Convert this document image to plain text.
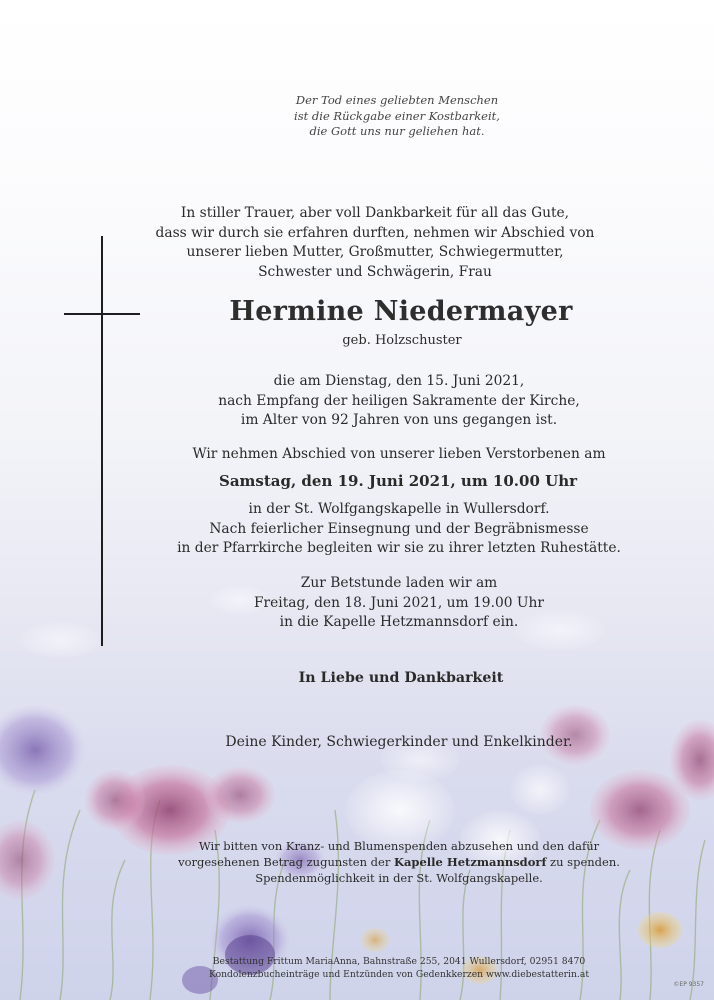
Der Tod eines geliebten Menschen
ist die Rückgabe einer Kostbarkeit,
die Gott uns nur geliehen hat.

In stiller Trauer, aber voll Dankbarkeit für all das Gute,
dass wir durch sie erfahren durften, nehmen wir Abschied von
unserer lieben Mutter, Großmutter, Schwiegermutter,
Schwester und Schwägerin, Frau

Hermine Niedermayer

geb. Holzschuster

die am Dienstag, den 15. Juni 2021,
nach Empfang der heiligen Sakramente der Kirche,
im Alter von 92 Jahren von uns gegangen ist.

Wir nehmen Abschied von unserer lieben Verstorbenen am

Samstag, den 19. Juni 2021, um 10.00 Uhr

in der St. Wolfgangskapelle in Wullersdorf.
Nach feierlicher Einsegnung und der Begräbnismesse
in der Pfarrkirche begleiten wir sie zu ihrer letzten Ruhestätte.

Zur Betstunde laden wir am
Freitag, den 18. Juni 2021, um 19.00 Uhr
in die Kapelle Hetzmannsdorf ein.

In Liebe und Dankbarkeit

Deine Kinder, Schwiegerkinder und Enkelkinder.

Wir bitten von Kranz- und Blumenspenden abzusehen und den dafür
vorgesehenen Betrag zugunsten der Kapelle Hetzmannsdorf zu spenden.
Spendenmöglichkeit in der St. Wolfgangskapelle.

Bestattung Frittum MariaAnna, Bahnstraße 255, 2041 Wullersdorf, 02951 8470
Kondolenzbucheinträge und Entzünden von Gedenkkerzen www.diebestatterin.at

©EP 9357
